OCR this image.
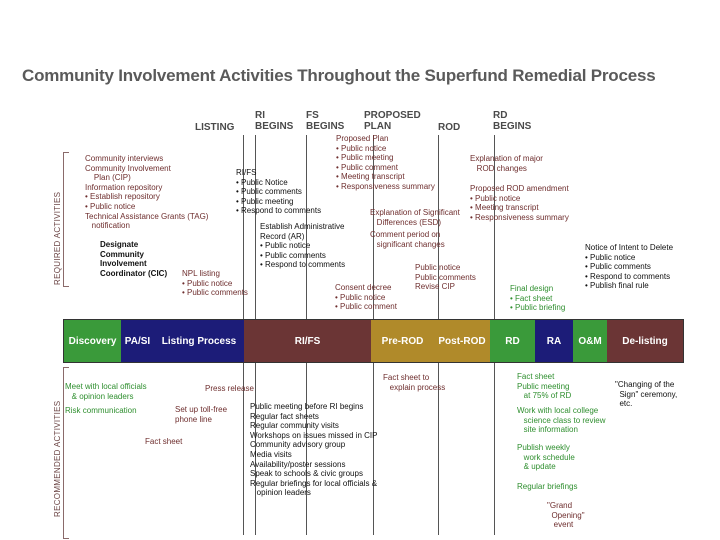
Community Involvement Activities Throughout the Superfund Remedial Process
LISTING
RI
BEGINS
FS
BEGINS
PROPOSED
PLAN	ROD
RD
BEGINS
REQUIRED ACTIVITIES
RECOMMENDED ACTIVITIES
Community interviews
Community Involvement
Plan (CIP)
Information repository
• Establish repository
• Public notice
Technical Assistance Grants (TAG)
notification
Designate
Community
Involvement
Coordinator (CIC) NPL listing
• Public notice
• Public comments
RI/FS
• Public Notice
• Public comments
• Public meeting
• Respond to comments
Establish Administrative
Record (AR)
• Public notice
• Public comments
• Respond to comments
Proposed Plan
• Public notice
• Public meeting
• Public comment
• Meeting transcript
• Responsiveness summary
Explanation of Significant
Differences (ESD)
Comment period on
significant changes
Consent decree
• Public notice
• Public comment
Public notice
Public comments
Revise CIP
Explanation of major
ROD changes
Proposed ROD amendment
• Public notice
• Meeting transcript
• Responsiveness summary
Final design
• Fact sheet
• Public briefing
Notice of Intent to Delete
• Public notice
• Public comments
• Respond to comments
• Publish final rule
Discovery PA/SI	Listing Process	RI/FS	Pre-ROD	Post-ROD	RD	RA	O&M	De-listing
Meet with local officials
& opinion leaders
Risk communication
Press release
Set up toll-free
phone line
Fact sheet
Public meeting before RI begins
Regular fact sheets
Regular community visits
Workshops on issues missed in CIP
Community advisory group
Media visits
Availability/poster sessions
Speak to schools & civic groups
Regular briefings for local officials &
opinion leaders
Fact sheet to
explain process
Fact sheet
Public meeting
at 75% of RD
Work with local college
science class to review
site information
Publish weekly
work schedule
& update
Regular briefings
"Grand
Opening"
event
"Changing of the
Sign" ceremony,
etc.
